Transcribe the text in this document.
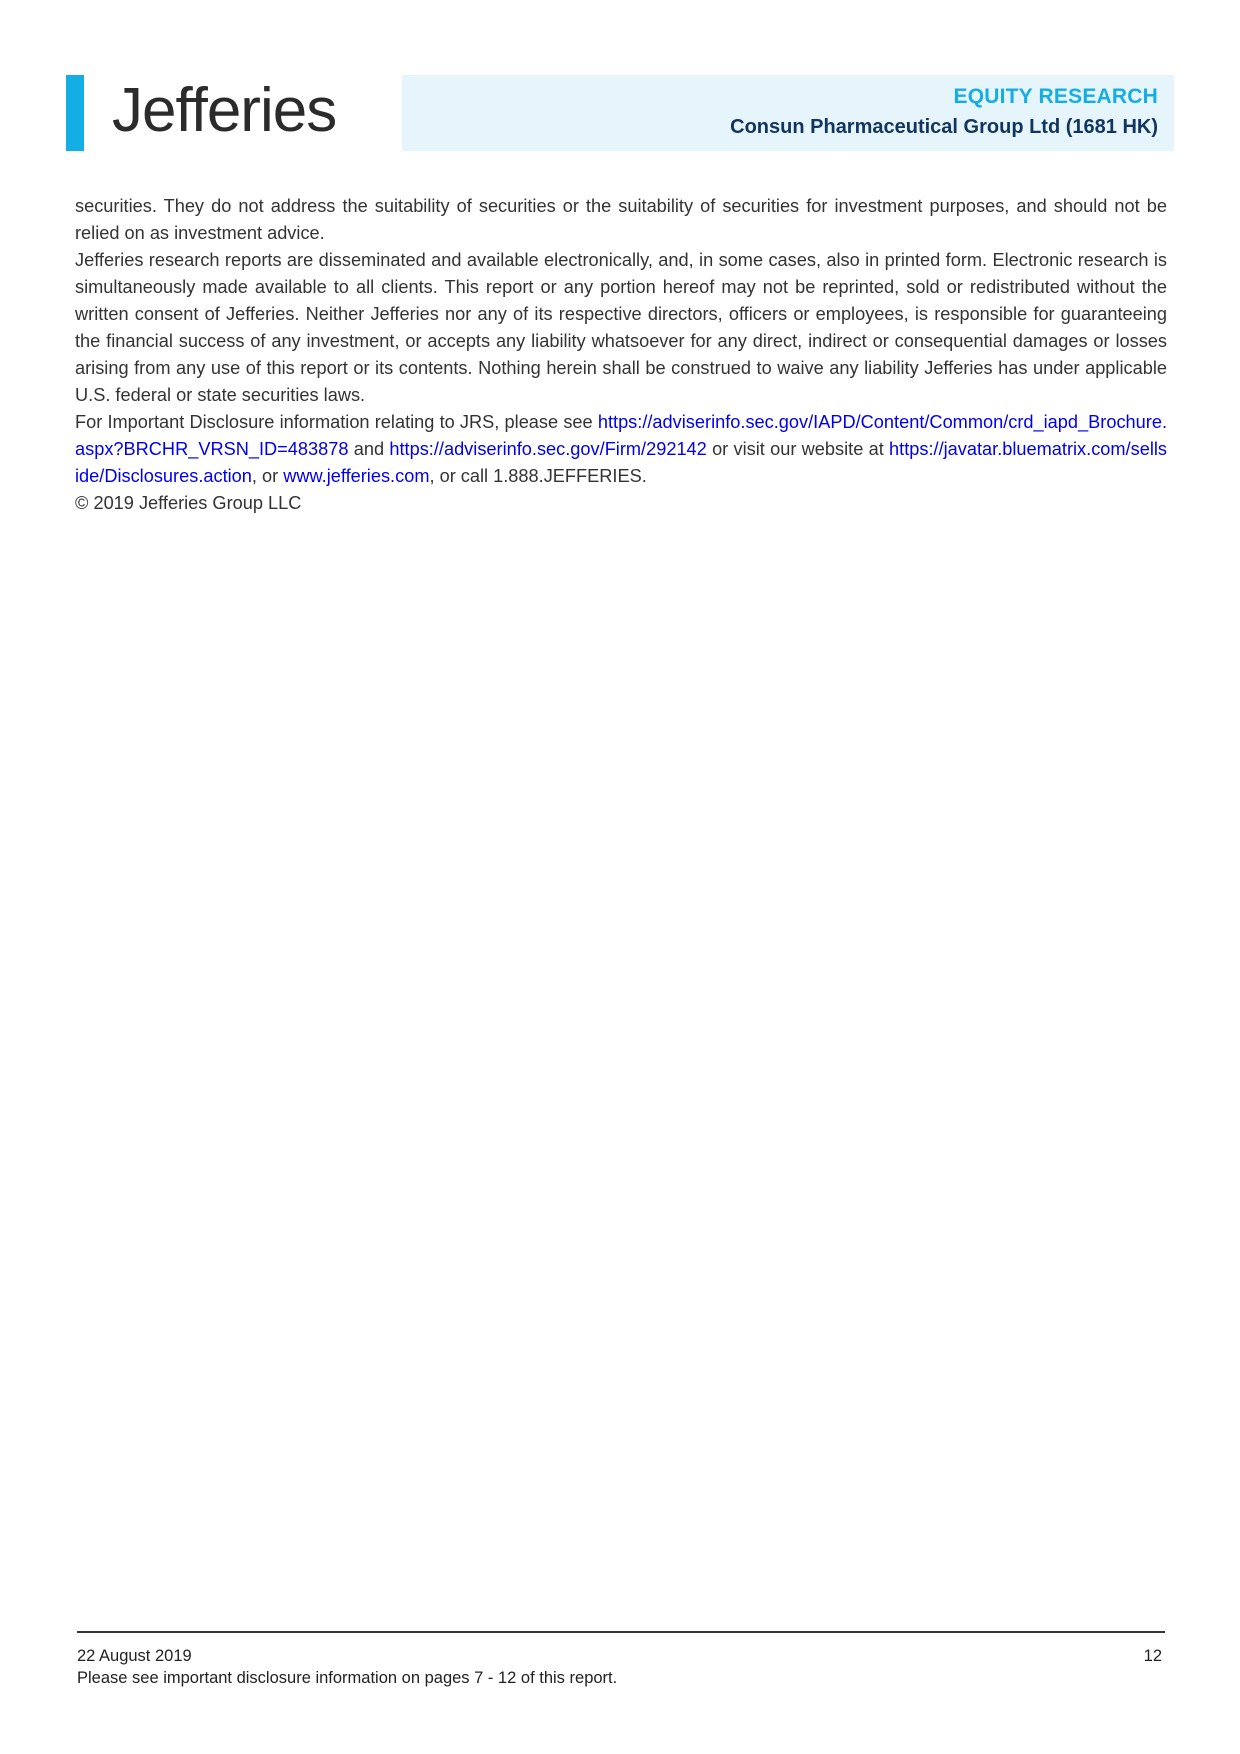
Jefferies	EQUITY RESEARCH
Consun Pharmaceutical Group Ltd (1681 HK)

securities. They do not address the suitability of securities or the suitability of securities for investment purposes, and should not be relied on as investment advice.

Jefferies research reports are disseminated and available electronically, and, in some cases, also in printed form. Electronic research is simultaneously made available to all clients. This report or any portion hereof may not be reprinted, sold or redistributed without the written consent of Jefferies. Neither Jefferies nor any of its respective directors, officers or employees, is responsible for guaranteeing the financial success of any investment, or accepts any liability whatsoever for any direct, indirect or consequential damages or losses arising from any use of this report or its contents. Nothing herein shall be construed to waive any liability Jefferies has under applicable U.S. federal or state securities laws.

For Important Disclosure information relating to JRS, please see https://adviserinfo.sec.gov/IAPD/Content/Common/crd_iapd_Brochure.aspx?BRCHR_VRSN_ID=483878 and https://adviserinfo.sec.gov/Firm/292142 or visit our website at https://javatar.bluematrix.com/sellside/Disclosures.action, or www.jefferies.com, or call 1.888.JEFFERIES.

© 2019 Jefferies Group LLC

22 August 2019	12
Please see important disclosure information on pages 7 - 12 of this report.
